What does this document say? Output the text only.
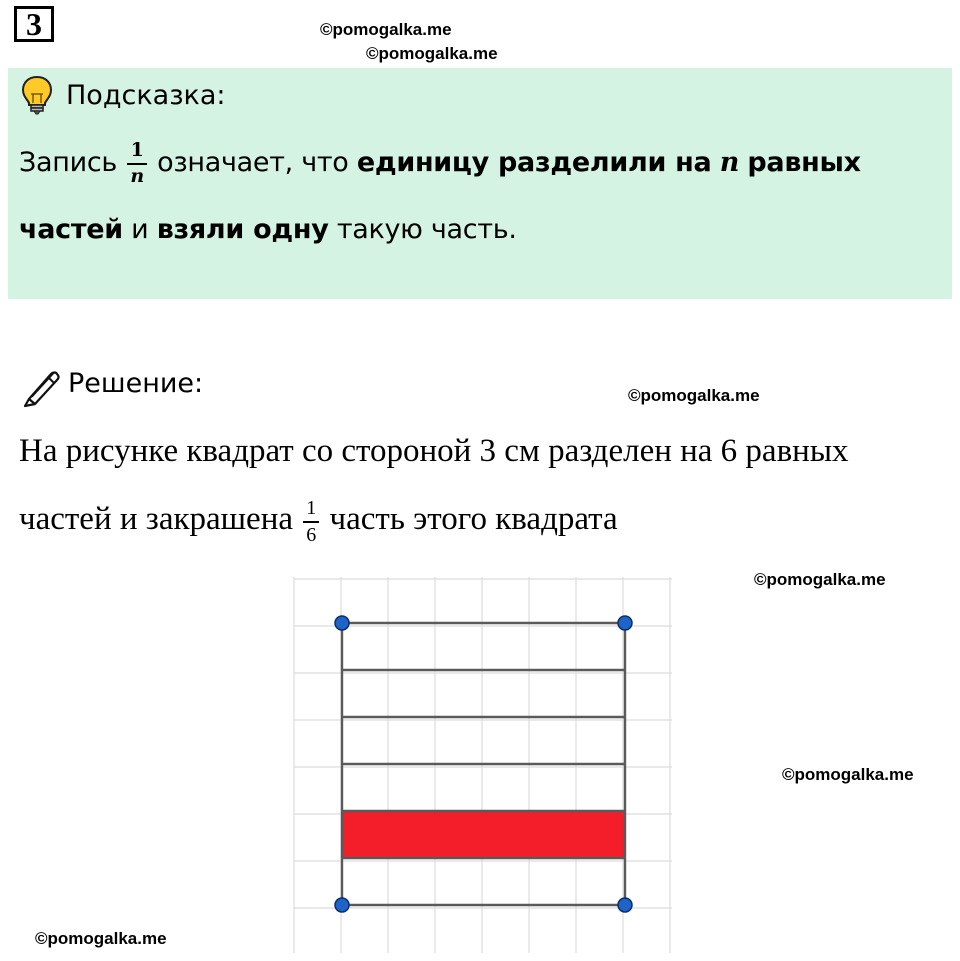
3	©pomogalka.me
©pomogalka.me
Подсказка:
Запись $\frac{1}{n}$ означает, что единицу разделили на n равных
частей и взяли одну такую часть.
Решение:	©pomogalka.me
На рисунке квадрат со стороной 3 см разделен на 6 равных
частей и закрашена $\frac{1}{6}$ часть этого квадрата
©pomogalka.me
©pomogalka.me
©pomogalka.me
